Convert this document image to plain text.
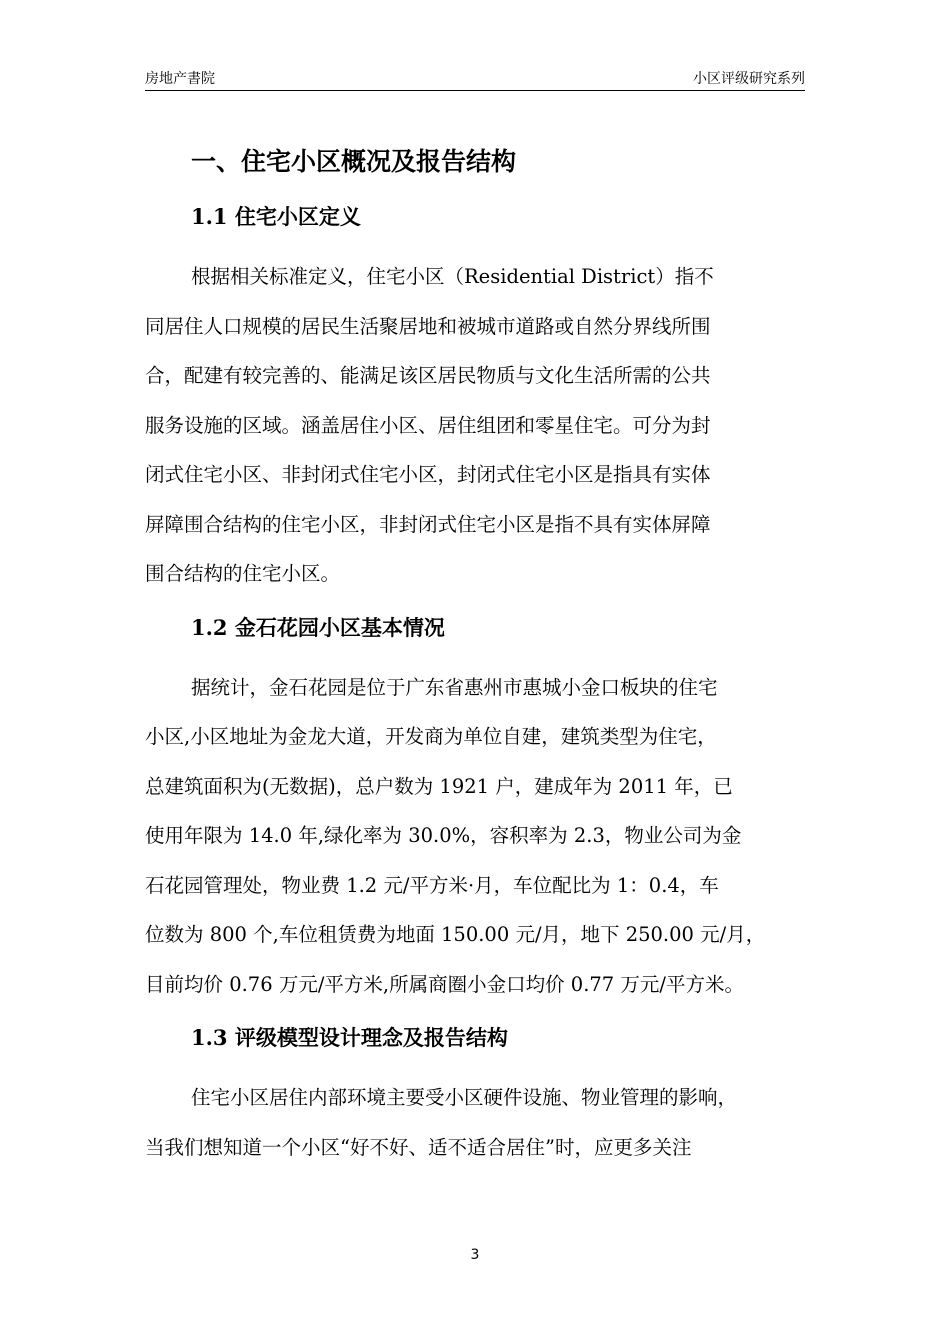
房地产書院	小区评级研究系列
一、住宅小区概况及报告结构
1.1 住宅小区定义

根据相关标准定义，住宅小区（Residential District）指不
同居住人口规模的居民生活聚居地和被城市道路或自然分界线所围
合，配建有较完善的、能满足该区居民物质与文化生活所需的公共
服务设施的区域。涵盖居住小区、居住组团和零星住宅。可分为封
闭式住宅小区、非封闭式住宅小区，封闭式住宅小区是指具有实体
屏障围合结构的住宅小区，非封闭式住宅小区是指不具有实体屏障
围合结构的住宅小区。

1.2 金石花园小区基本情况

据统计，金石花园是位于广东省惠州市惠城小金口板块的住宅
小区,小区地址为金龙大道，开发商为单位自建，建筑类型为住宅，
总建筑面积为(无数据)，总户数为 1921 户，建成年为 2011 年，已
使用年限为 14.0 年,绿化率为 30.0%，容积率为 2.3，物业公司为金
石花园管理处，物业费 1.2 元/平方米·月，车位配比为 1：0.4，车
位数为 800 个,车位租赁费为地面 150.00 元/月，地下 250.00 元/月，
目前均价 0.76 万元/平方米,所属商圈小金口均价 0.77 万元/平方米。

1.3 评级模型设计理念及报告结构

住宅小区居住内部环境主要受小区硬件设施、物业管理的影响，
当我们想知道一个小区“好不好、适不适合居住”时，应更多关注

3
